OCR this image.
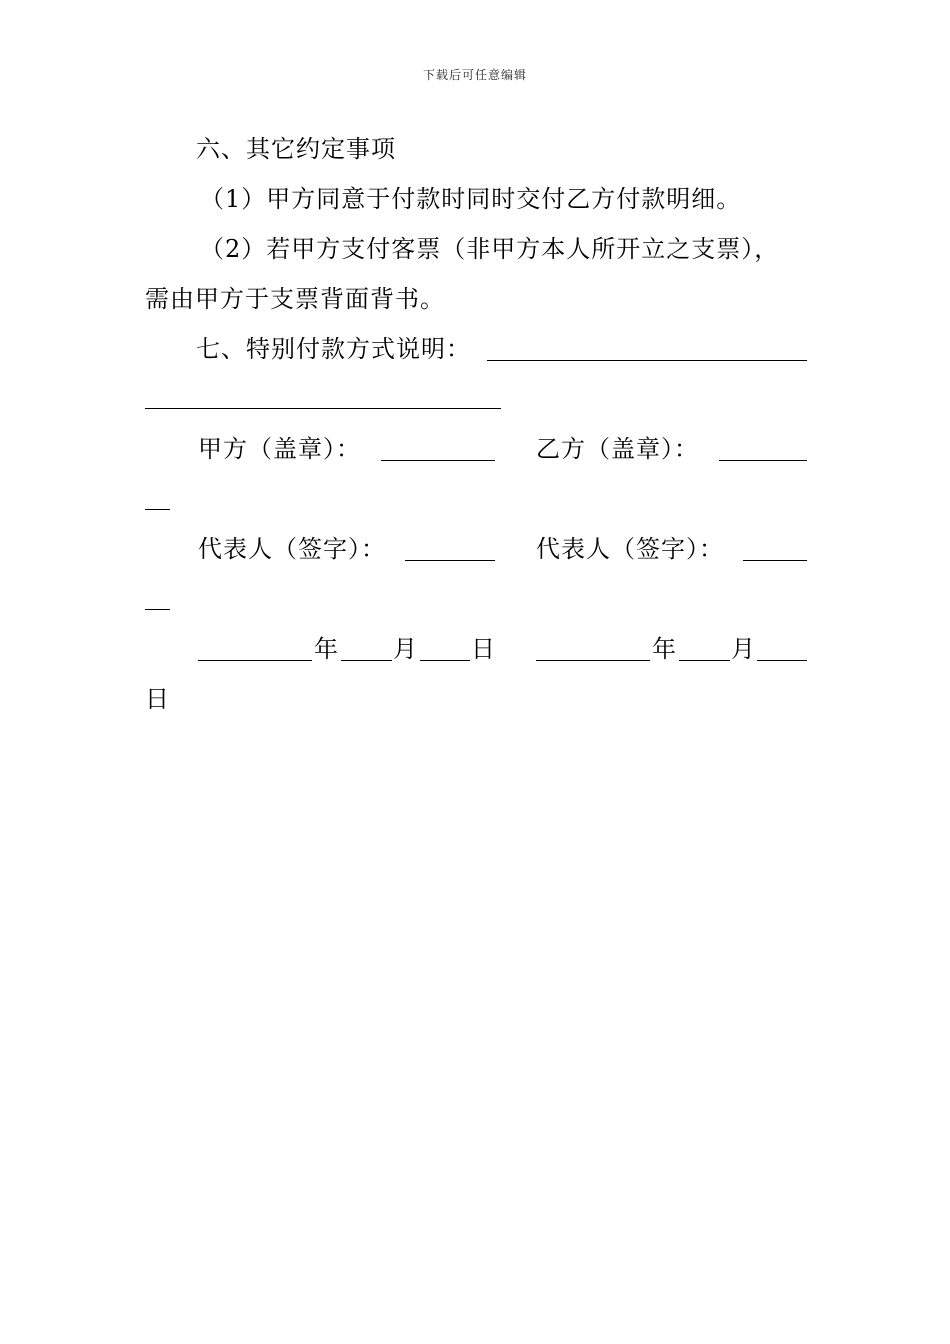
下载后可任意编辑
六、其它约定事项
（1）甲方同意于付款时同时交付乙方付款明细。
（2）若甲方支付客票（非甲方本人所开立之支票），
需由甲方于支票背面背书。
七、特别付款方式说明：
甲方（盖章）：	乙方（盖章）：
代表人（签字）：	代表人（签字）：
年 月 日	年 月
日
